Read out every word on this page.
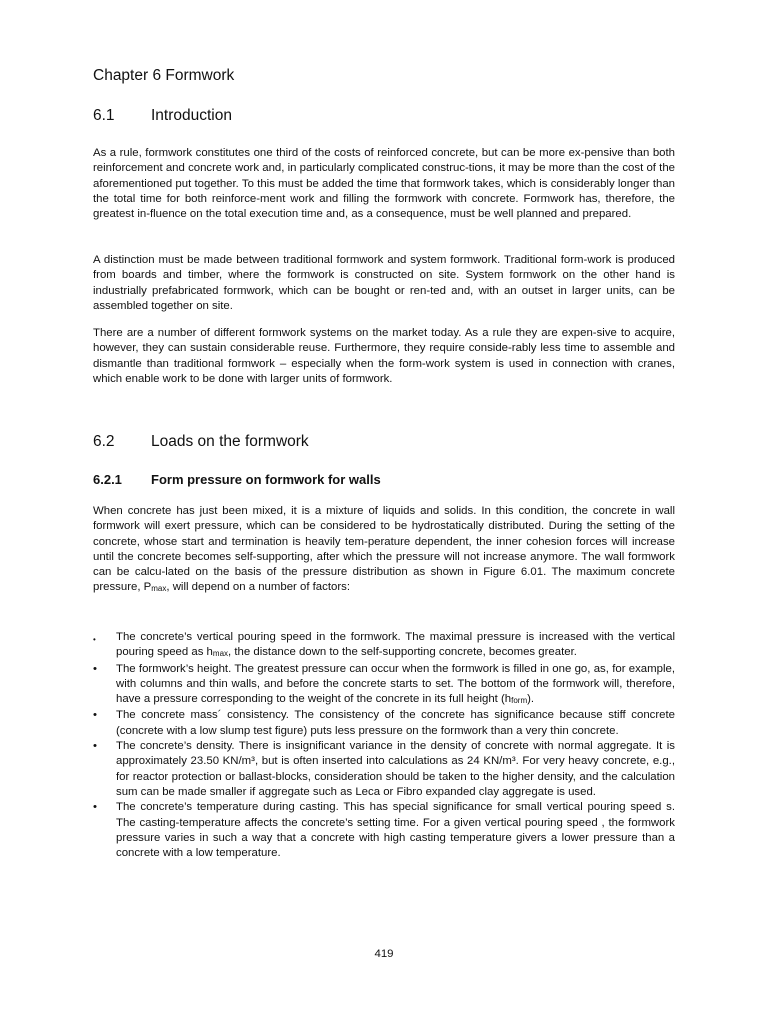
Chapter 6 Formwork
6.1 Introduction

As a rule, formwork constitutes one third of the costs of reinforced concrete, but can be more ex-pensive than both reinforcement and concrete work and, in particularly complicated construc-tions, it may be more than the cost of the aforementioned put together. To this must be added the time that formwork takes, which is considerably longer than the total time for both reinforce-ment work and filling the formwork with concrete. Formwork has, therefore, the greatest in-fluence on the total execution time and, as a consequence, must be well planned and prepared.

A distinction must be made between traditional formwork and system formwork. Traditional form-work is produced from boards and timber, where the formwork is constructed on site. System formwork on the other hand is industrially prefabricated formwork, which can be bought or ren-ted and, with an outset in larger units, can be assembled together on site.

There are a number of different formwork systems on the market today. As a rule they are expen-sive to acquire, however, they can sustain considerable reuse. Furthermore, they require conside-rably less time to assemble and dismantle than traditional formwork – especially when the form-work system is used in connection with cranes, which enable work to be done with larger units of formwork.

6.2 Loads on the formwork
6.2.1 Form pressure on formwork for walls

When concrete has just been mixed, it is a mixture of liquids and solids. In this condition, the concrete in wall formwork will exert pressure, which can be considered to be hydrostatically distributed. During the setting of the concrete, whose start and termination is heavily tem-perature dependent, the inner cohesion forces will increase until the concrete becomes self-supporting, after which the pressure will not increase anymore. The wall formwork can be calcu-lated on the basis of the pressure distribution as shown in Figure 6.01. The maximum concrete pressure, $P_{max}$, will depend on a number of factors:

•	The concrete’s vertical pouring speed in the formwork. The maximal pressure is increased with the vertical pouring speed as $h_{max}$, the distance down to the self-supporting concrete, becomes greater.
•	The formwork’s height. The greatest pressure can occur when the formwork is filled in one go, as, for example, with columns and thin walls, and before the concrete starts to set. The bottom of the formwork will, therefore, have a pressure corresponding to the weight of the concrete in its full height $(h_{form})$.
•	The concrete mass´ consistency. The consistency of the concrete has significance because stiff concrete (concrete with a low slump test figure) puts less pressure on the formwork than a very thin concrete.
•	The concrete’s density. There is insignificant variance in the density of concrete with normal aggregate. It is approximately 23.50 KN/m³, but is often inserted into calculations as 24 KN/m³. For very heavy concrete, e.g., for reactor protection or ballast-blocks, consideration should be taken to the higher density, and the calculation sum can be made smaller if aggregate such as Leca or Fibro expanded clay aggregate is used.
•	The concrete’s temperature during casting. This has special significance for small vertical pouring speed s. The casting-temperature affects the concrete’s setting time. For a given vertical pouring speed , the formwork pressure varies in such a way that a concrete with high casting temperature givers a lower pressure than a concrete with a low temperature.
419
